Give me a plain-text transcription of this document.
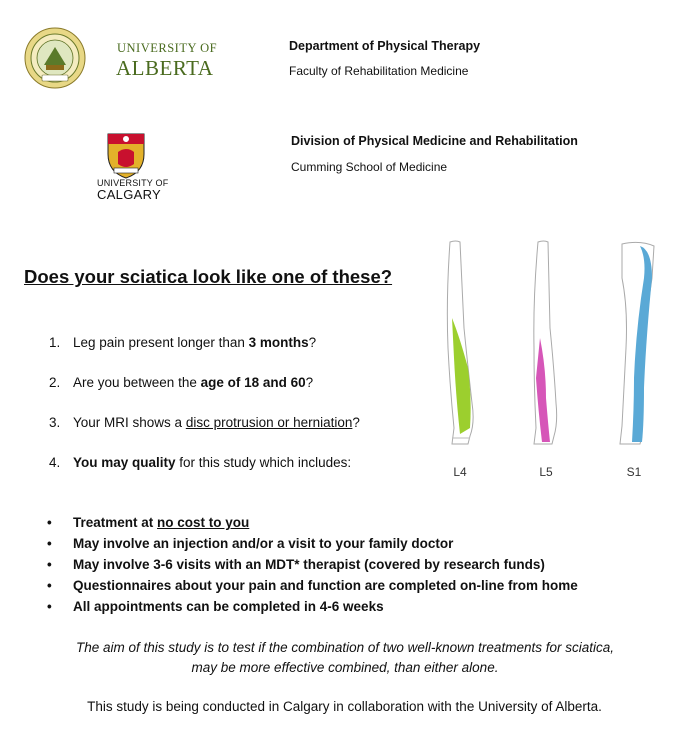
UNIVERSITY OF
ALBERTA
Department of Physical Therapy
Faculty of Rehabilitation Medicine
UNIVERSITY OF
CALGARY
Division of Physical Medicine and Rehabilitation
Cumming School of Medicine
Does your sciatica look like one of these?
1. Leg pain present longer than 3 months?
2. Are you between the age of 18 and 60?
3. Your MRI shows a disc protrusion or herniation?
4. You may quality for this study which includes:
L4	L5	S1
• Treatment at no cost to you
• May involve an injection and/or a visit to your family doctor
• May involve 3-6 visits with an MDT* therapist (covered by research funds)
• Questionnaires about your pain and function are completed on-line from home
• All appointments can be completed in 4-6 weeks
The aim of this study is to test if the combination of two well-known treatments for sciatica,
may be more effective combined, than either alone.
This study is being conducted in Calgary in collaboration with the University of Alberta.
